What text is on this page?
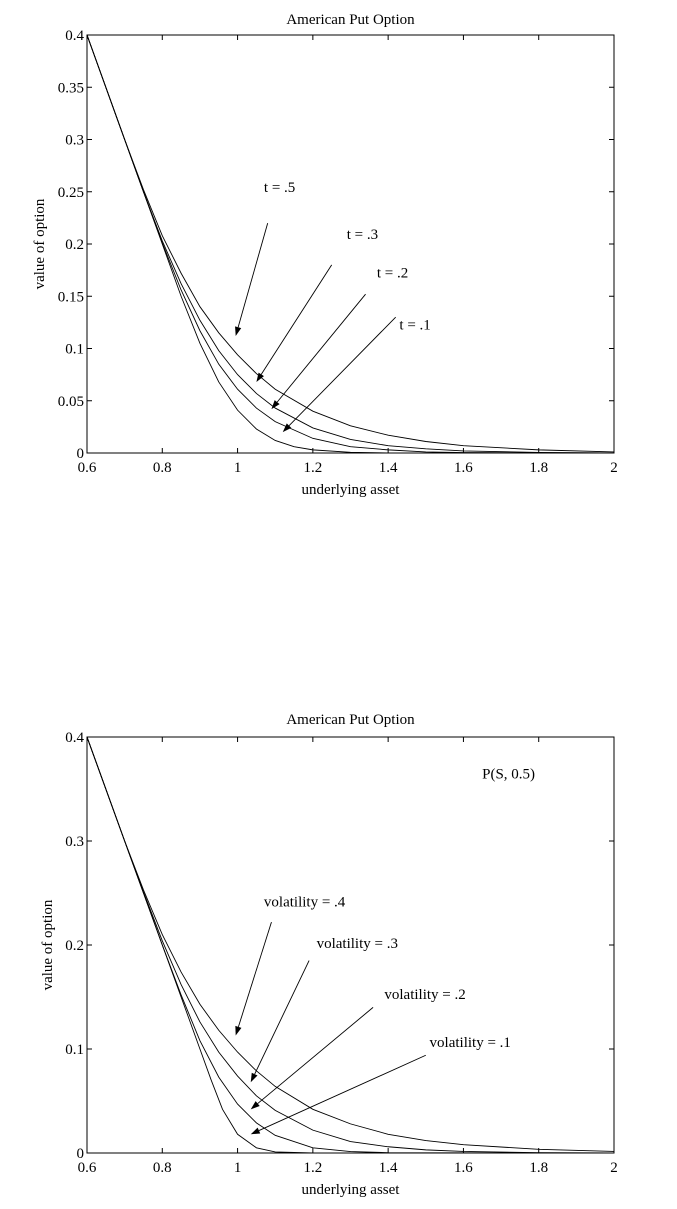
American Put Option
0.6	0.8	1	1.2	1.4	1.6	1.8	2
0
0.05
0.1
0.15
0.2
0.25
0.3
0.35
0.4
underlying asset
value of option
t = .5
t = .3
t = .2
t = .1
American Put Option
0.6	0.8	1	1.2	1.4	1.6	1.8	2
0
0.1
0.2
0.3
0.4
underlying asset
value of option	volatility = .4
volatility = .3
volatility = .2
volatility = .1
P(S, 0.5)
